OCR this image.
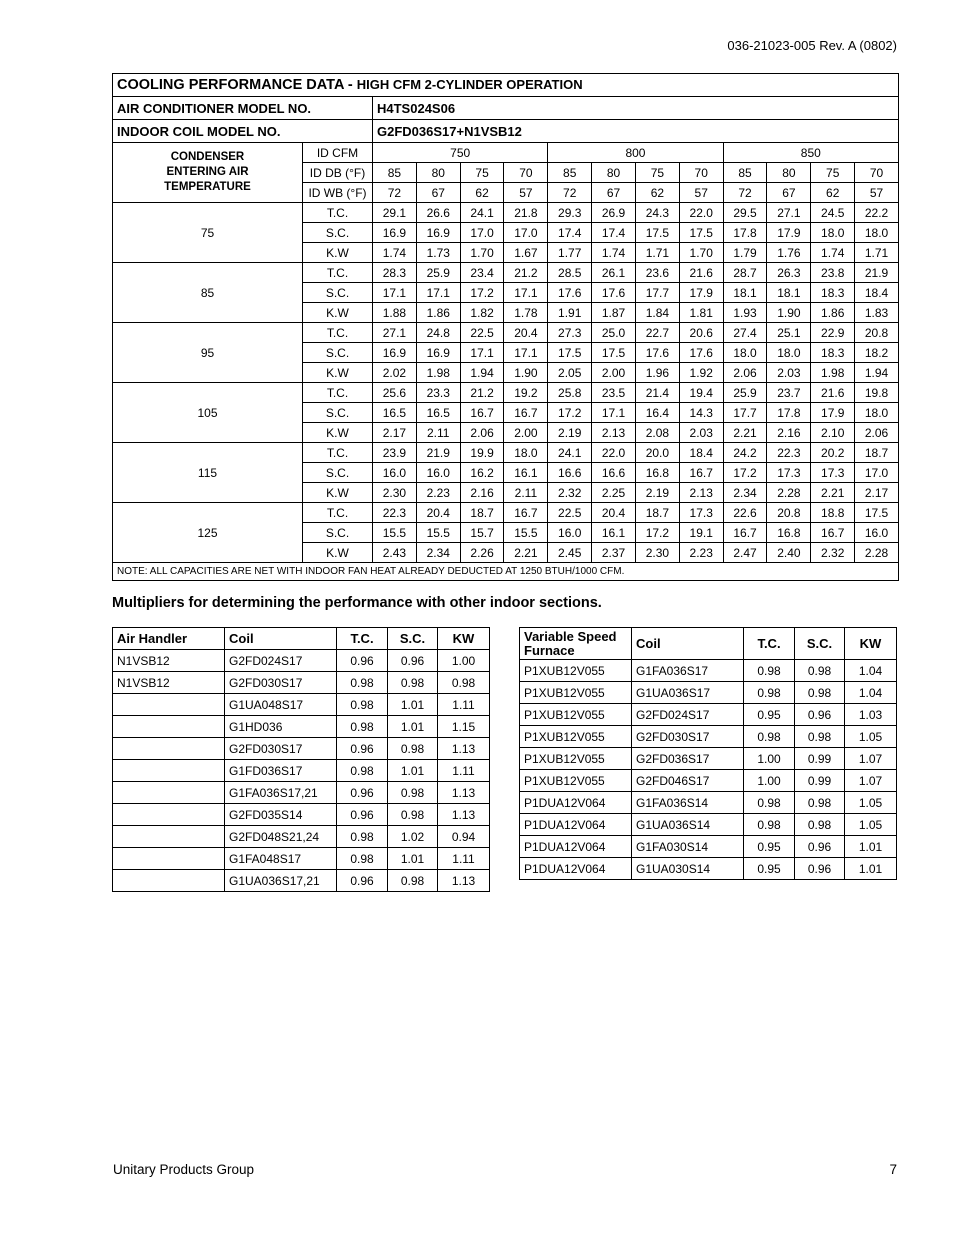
036-21023-005 Rev. A (0802)
COOLING PERFORMANCE DATA - HIGH CFM 2-CYLINDER OPERATION													
AIR CONDITIONER MODEL NO.		H4TS024S06											
INDOOR COIL MODEL NO.		G2FD036S17+N1VSB12											

CONDENSER
ENTERING AIR
TEMPERATURE	ID CFM	750				800				850			
	ID DB (°F)	85	80	75	70	85	80	75	70	85	80	75	70
	ID WB (°F)	72	67	62	57	72	67	62	57	72	67	62	57
75	T.C.	29.1	26.6	24.1	21.8	29.3	26.9	24.3	22.0	29.5	27.1	24.5	22.2
	S.C.	16.9	16.9	17.0	17.0	17.4	17.4	17.5	17.5	17.8	17.9	18.0	18.0
	K.W	1.74	1.73	1.70	1.67	1.77	1.74	1.71	1.70	1.79	1.76	1.74	1.71
85	T.C.	28.3	25.9	23.4	21.2	28.5	26.1	23.6	21.6	28.7	26.3	23.8	21.9
	S.C.	17.1	17.1	17.2	17.1	17.6	17.6	17.7	17.9	18.1	18.1	18.3	18.4
	K.W	1.88	1.86	1.82	1.78	1.91	1.87	1.84	1.81	1.93	1.90	1.86	1.83
95	T.C.	27.1	24.8	22.5	20.4	27.3	25.0	22.7	20.6	27.4	25.1	22.9	20.8
	S.C.	16.9	16.9	17.1	17.1	17.5	17.5	17.6	17.6	18.0	18.0	18.3	18.2
	K.W	2.02	1.98	1.94	1.90	2.05	2.00	1.96	1.92	2.06	2.03	1.98	1.94
105	T.C.	25.6	23.3	21.2	19.2	25.8	23.5	21.4	19.4	25.9	23.7	21.6	19.8
	S.C.	16.5	16.5	16.7	16.7	17.2	17.1	16.4	14.3	17.7	17.8	17.9	18.0
	K.W	2.17	2.11	2.06	2.00	2.19	2.13	2.08	2.03	2.21	2.16	2.10	2.06
115	T.C.	23.9	21.9	19.9	18.0	24.1	22.0	20.0	18.4	24.2	22.3	20.2	18.7
	S.C.	16.0	16.0	16.2	16.1	16.6	16.6	16.8	16.7	17.2	17.3	17.3	17.0
	K.W	2.30	2.23	2.16	2.11	2.32	2.25	2.19	2.13	2.34	2.28	2.21	2.17
125	T.C.	22.3	20.4	18.7	16.7	22.5	20.4	18.7	17.3	22.6	20.8	18.8	17.5
	S.C.	15.5	15.5	15.7	15.5	16.0	16.1	17.2	19.1	16.7	16.8	16.7	16.0
	K.W	2.43	2.34	2.26	2.21	2.45	2.37	2.30	2.23	2.47	2.40	2.32	2.28
NOTE: ALL CAPACITIES ARE NET WITH INDOOR FAN HEAT ALREADY DEDUCTED AT 1250 BTUH/1000 CFM.													
Multipliers for determining the performance with other indoor sections.
Air Handler	Coil	T.C.	S.C.	KW
N1VSB12	G2FD024S17	0.96	0.96	1.00
N1VSB12	G2FD030S17	0.98	0.98	0.98
	G1UA048S17	0.98	1.01	1.11
	G1HD036	0.98	1.01	1.15
	G2FD030S17	0.96	0.98	1.13
	G1FD036S17	0.98	1.01	1.11
	G1FA036S17,21	0.96	0.98	1.13
	G2FD035S14	0.96	0.98	1.13
	G2FD048S21,24	0.98	1.02	0.94
	G1FA048S17	0.98	1.01	1.11
	G1UA036S17,21	0.96	0.98	1.13
Variable Speed Furnace	Coil	T.C.	S.C.	KW
P1XUB12V055	G1FA036S17	0.98	0.98	1.04
P1XUB12V055	G1UA036S17	0.98	0.98	1.04
P1XUB12V055	G2FD024S17	0.95	0.96	1.03
P1XUB12V055	G2FD030S17	0.98	0.98	1.05
P1XUB12V055	G2FD036S17	1.00	0.99	1.07
P1XUB12V055	G2FD046S17	1.00	0.99	1.07
P1DUA12V064	G1FA036S14	0.98	0.98	1.05
P1DUA12V064	G1UA036S14	0.98	0.98	1.05
P1DUA12V064	G1FA030S14	0.95	0.96	1.01
P1DUA12V064	G1UA030S14	0.95	0.96	1.01
Unitary Products Group	7
